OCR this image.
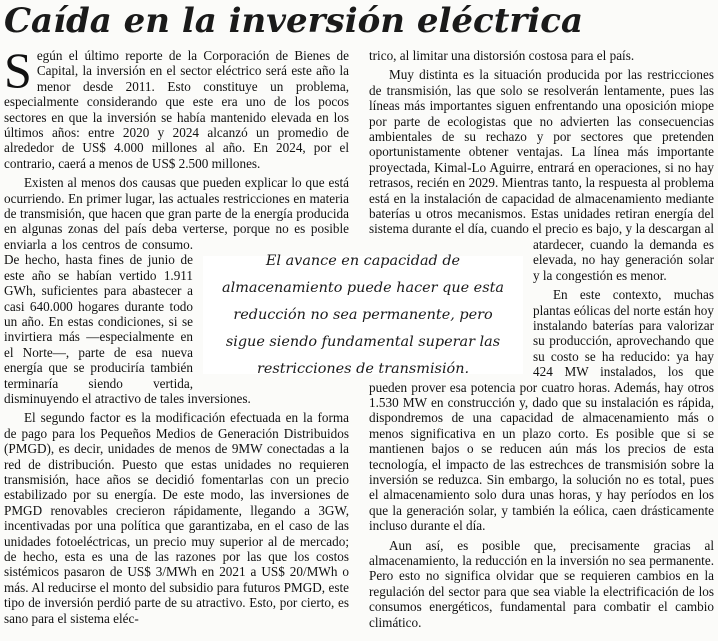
Caída en la inversión eléctrica

Según el último reporte de la Corporación de Bienes de Capital, la inversión en el sector eléctrico será este año la menor desde 2011. Esto constituye un problema, especialmente considerando que este era uno de los pocos sectores en que la inversión se había mantenido elevada en los últimos años: entre 2020 y 2024 alcanzó un promedio de alrededor de US$ 4.000 millones al año. En 2024, por el contrario, caerá a menos de US$ 2.500 millones.

Existen al menos dos causas que pueden explicar lo que está ocurriendo. En primer lugar, las actuales restricciones en materia de transmisión, que hacen que gran parte de la energía producida en algunas zonas del país deba verterse, porque no es posible enviarla a los centros
de consumo. De hecho, hasta fines de junio de este año se habían vertido 1.911 GWh, suficientes para abastecer a casi 640.000 hogares durante todo un año. En estas condiciones, si se invirtiera más —especialmente en el Norte—, parte de esa nueva energía que se produciría también terminaría siendo vertida, disminuyendo el atractivo de tales inversiones.

El segundo factor es la modificación efectuada en la forma de pago para los Pequeños Medios de Generación Distribuidos (PMGD), es decir, unidades de menos de 9MW conectadas a la red de distribución. Puesto que estas unidades no requieren transmisión, hace años se decidió fomentarlas con un precio estabilizado por su energía. De este modo, las inversiones de PMGD renovables crecieron rápidamente, llegando a 3GW, incentivadas por una política que garantizaba, en el caso de las unidades fotoeléctricas, un precio muy superior al de mercado; de hecho, esta es una de las razones por las que los costos sistémicos pasaron de US$ 3/MWh en 2021 a US$ 20/MWh o más. Al reducirse el monto del subsidio para futuros PMGD, este tipo de inversión perdió parte de su atractivo. Esto, por cierto, es sano para el sistema eléc-

trico, al limitar una distorsión costosa para el país.

Muy distinta es la situación producida por las restricciones de transmisión, las que solo se resolverán lentamente, pues las líneas más importantes siguen enfrentando una oposición miope por parte de ecologistas que no advierten las consecuencias ambientales de su rechazo y por sectores que pretenden oportunistamente obtener ventajas. La línea más importante proyectada, Kimal-Lo Aguirre, entrará en operaciones, si no hay retrasos, recién en 2029. Mientras tanto, la respuesta al problema está en la instalación de capacidad de almacenamiento mediante baterías u otros mecanismos. Estas unidades retiran energía del sistema durante el día, cuando el precio es bajo, y la descargan al atardecer, cuando la demanda
es elevada, no hay generación solar y la congestión es menor.

En este contexto, muchas plantas eólicas del norte están hoy instalando baterías para valorizar su producción, aprovechando que su costo se ha reducido: ya hay 424 MW instalados, los que pueden prover esa potencia por cuatro horas. Además, hay otros 1.530 MW en construcción y, dado que su instalación es rápida, dispondremos de una capacidad de almacenamiento más o menos significativa en un plazo corto. Es posible que si se mantienen bajos o se reducen aún más los precios de esta tecnología, el impacto de las estrechces de transmisión sobre la inversión se reduzca. Sin embargo, la solución no es total, pues el almacenamiento solo dura unas horas, y hay períodos en los que la generación solar, y también la eólica, caen drásticamente incluso durante el día.

Aun así, es posible que, precisamente gracias al almacenamiento, la reducción en la inversión no sea permanente. Pero esto no significa olvidar que se requieren cambios en la regulación del sector para que sea viable la electrificación de los consumos energéticos, fundamental para combatir el cambio climático.

El avance en capacidad de almacenamiento puede hacer que esta reducción no sea permanente, pero sigue siendo fundamental superar las restricciones de transmisión.
